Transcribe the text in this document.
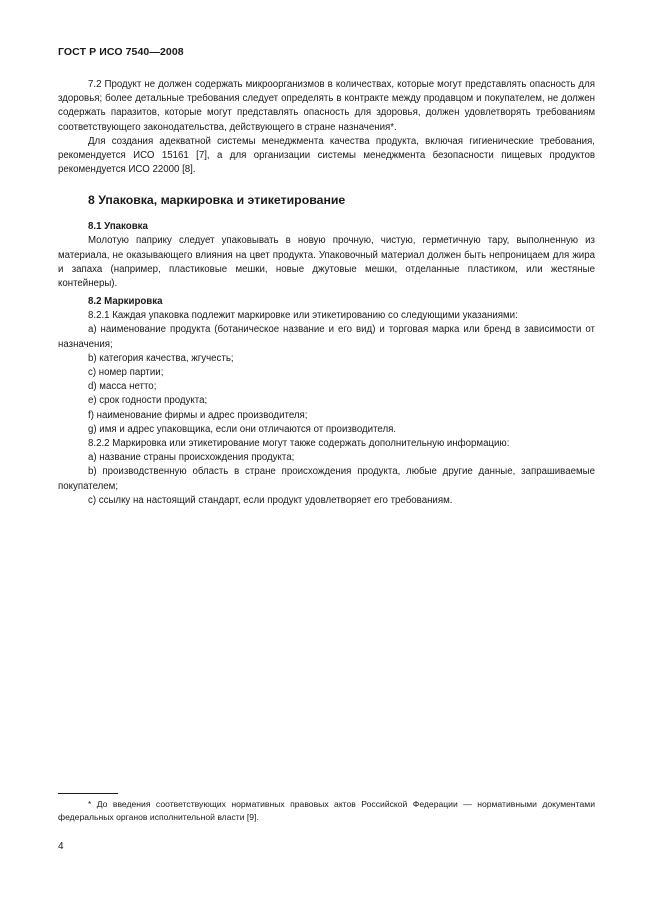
ГОСТ Р ИСО 7540—2008

7.2 Продукт не должен содержать микроорганизмов в количествах, которые могут представлять опасность для здоровья; более детальные требования следует определять в контракте между продавцом и покупателем, не должен содержать паразитов, которые могут представлять опасность для здоровья, должен удовлетворять требованиям соответствующего законодательства, действующего в стране назначения*.

Для создания адекватной системы менеджмента качества продукта, включая гигиенические требования, рекомендуется ИСО 15161 [7], а для организации системы менеджмента безопасности пищевых продуктов рекомендуется ИСО 22000 [8].

8 Упаковка, маркировка и этикетирование
8.1 Упаковка

Молотую паприку следует упаковывать в новую прочную, чистую, герметичную тару, выполненную из материала, не оказывающего влияния на цвет продукта. Упаковочный материал должен быть непроницаем для жира и запаха (например, пластиковые мешки, новые джутовые мешки, отделанные пластиком, или жестяные контейнеры).

8.2 Маркировка

8.2.1 Каждая упаковка подлежит маркировке или этикетированию со следующими указаниями:

a) наименование продукта (ботаническое название и его вид) и торговая марка или бренд в зависимости от назначения;

b) категория качества, жгучесть;

c) номер партии;

d) масса нетто;

e) срок годности продукта;

f) наименование фирмы и адрес производителя;

g) имя и адрес упаковщика, если они отличаются от производителя.

8.2.2 Маркировка или этикетирование могут также содержать дополнительную информацию:

a) название страны происхождения продукта;

b) производственную область в стране происхождения продукта, любые другие данные, запрашиваемые покупателем;

c) ссылку на настоящий стандарт, если продукт удовлетворяет его требованиям.

* До введения соответствующих нормативных правовых актов Российской Федерации — нормативными документами федеральных органов исполнительной власти [9].

4
